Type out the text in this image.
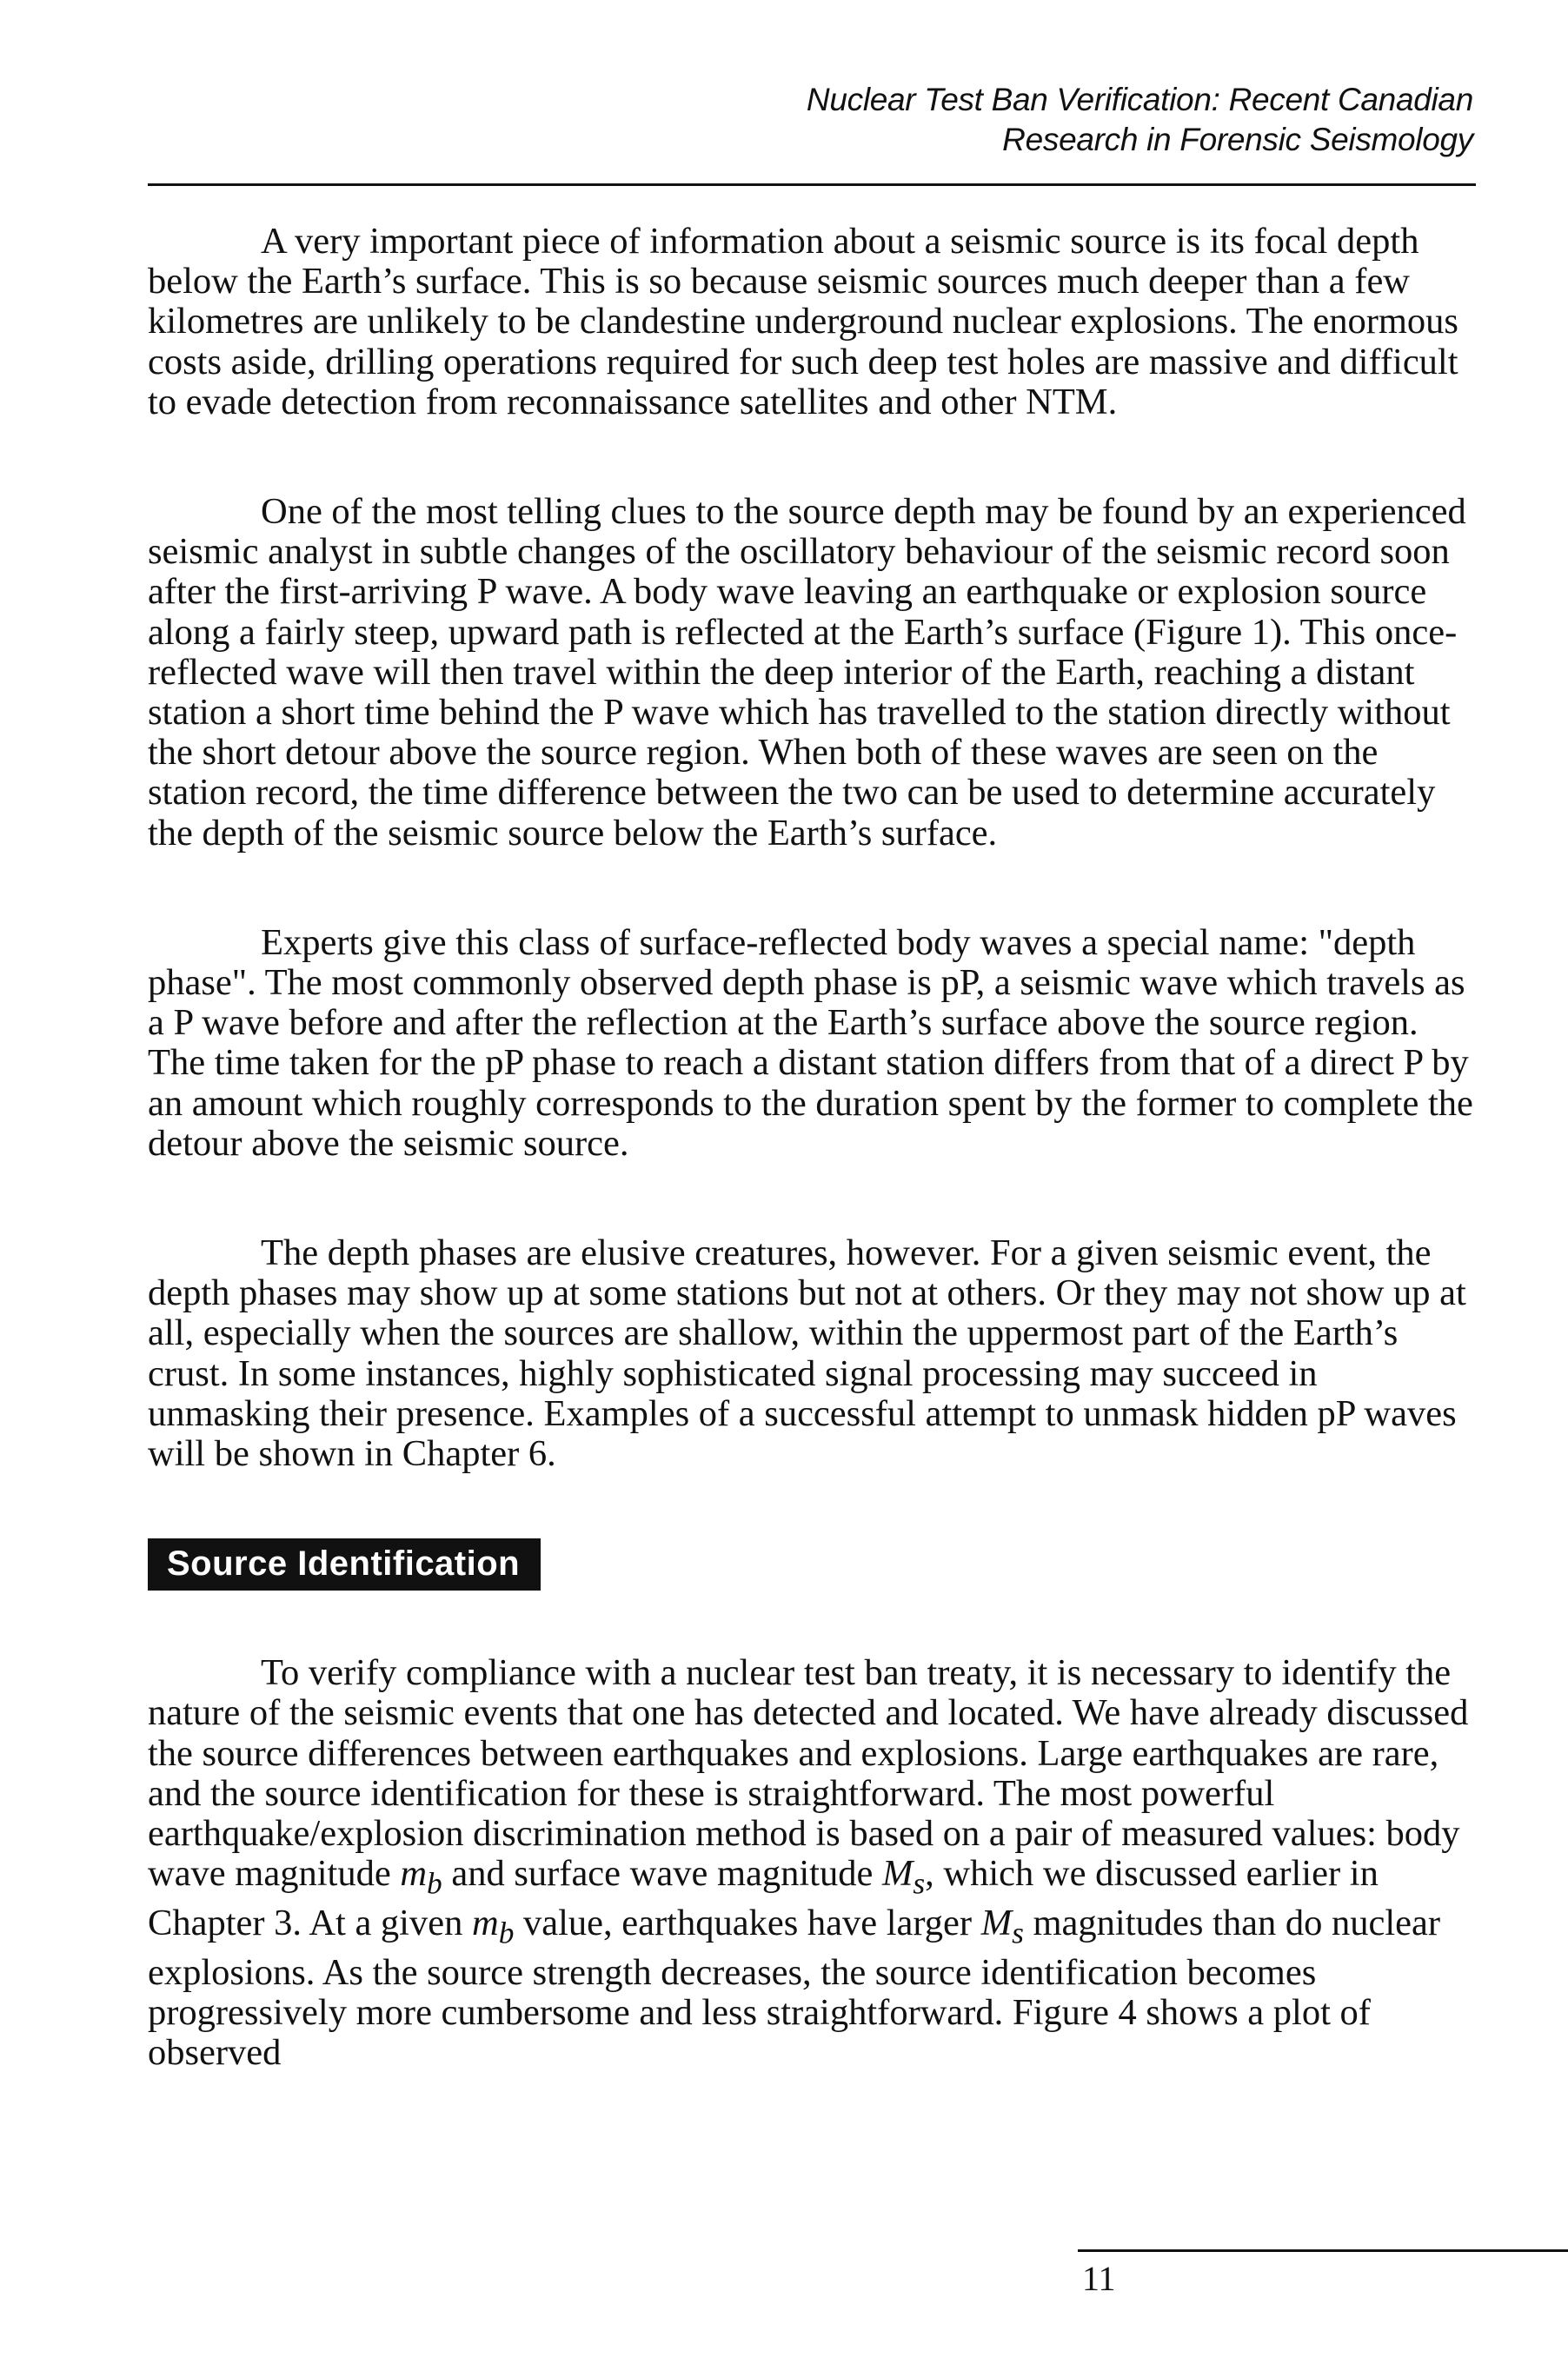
Nuclear Test Ban Verification: Recent Canadian
Research in Forensic Seismology

A very important piece of information about a seismic source is its focal depth below the Earth’s surface. This is so because seismic sources much deeper than a few kilometres are unlikely to be clandestine underground nuclear explosions. The enormous costs aside, drilling operations required for such deep test holes are massive and difficult to evade detection from reconnaissance satellites and other NTM.

One of the most telling clues to the source depth may be found by an experienced seismic analyst in subtle changes of the oscillatory behaviour of the seismic record soon after the first-arriving P wave. A body wave leaving an earthquake or explosion source along a fairly steep, upward path is reflected at the Earth’s surface (Figure 1). This once-reflected wave will then travel within the deep interior of the Earth, reaching a distant station a short time behind the P wave which has travelled to the station directly without the short detour above the source region. When both of these waves are seen on the station record, the time difference between the two can be used to determine accurately the depth of the seismic source below the Earth’s surface.

Experts give this class of surface-reflected body waves a special name: "depth phase". The most commonly observed depth phase is pP, a seismic wave which travels as a P wave before and after the reflection at the Earth’s surface above the source region. The time taken for the pP phase to reach a distant station differs from that of a direct P by an amount which roughly corresponds to the duration spent by the former to complete the detour above the seismic source.

The depth phases are elusive creatures, however. For a given seismic event, the depth phases may show up at some stations but not at others. Or they may not show up at all, especially when the sources are shallow, within the uppermost part of the Earth’s crust. In some instances, highly sophisticated signal processing may succeed in unmasking their presence. Examples of a successful attempt to unmask hidden pP waves will be shown in Chapter 6.

Source Identification

To verify compliance with a nuclear test ban treaty, it is necessary to identify the nature of the seismic events that one has detected and located. We have already discussed the source differences between earthquakes and explosions. Large earthquakes are rare, and the source identification for these is straightforward. The most powerful earthquake/explosion discrimination method is based on a pair of measured values: body wave magnitude $m_b$ and surface wave magnitude $M_s$, which we discussed earlier in Chapter 3. At a given $m_b$ value, earthquakes have larger $M_s$ magnitudes than do nuclear explosions. As the source strength decreases, the source identification becomes progressively more cumbersome and less straightforward. Figure 4 shows a plot of observed

11
